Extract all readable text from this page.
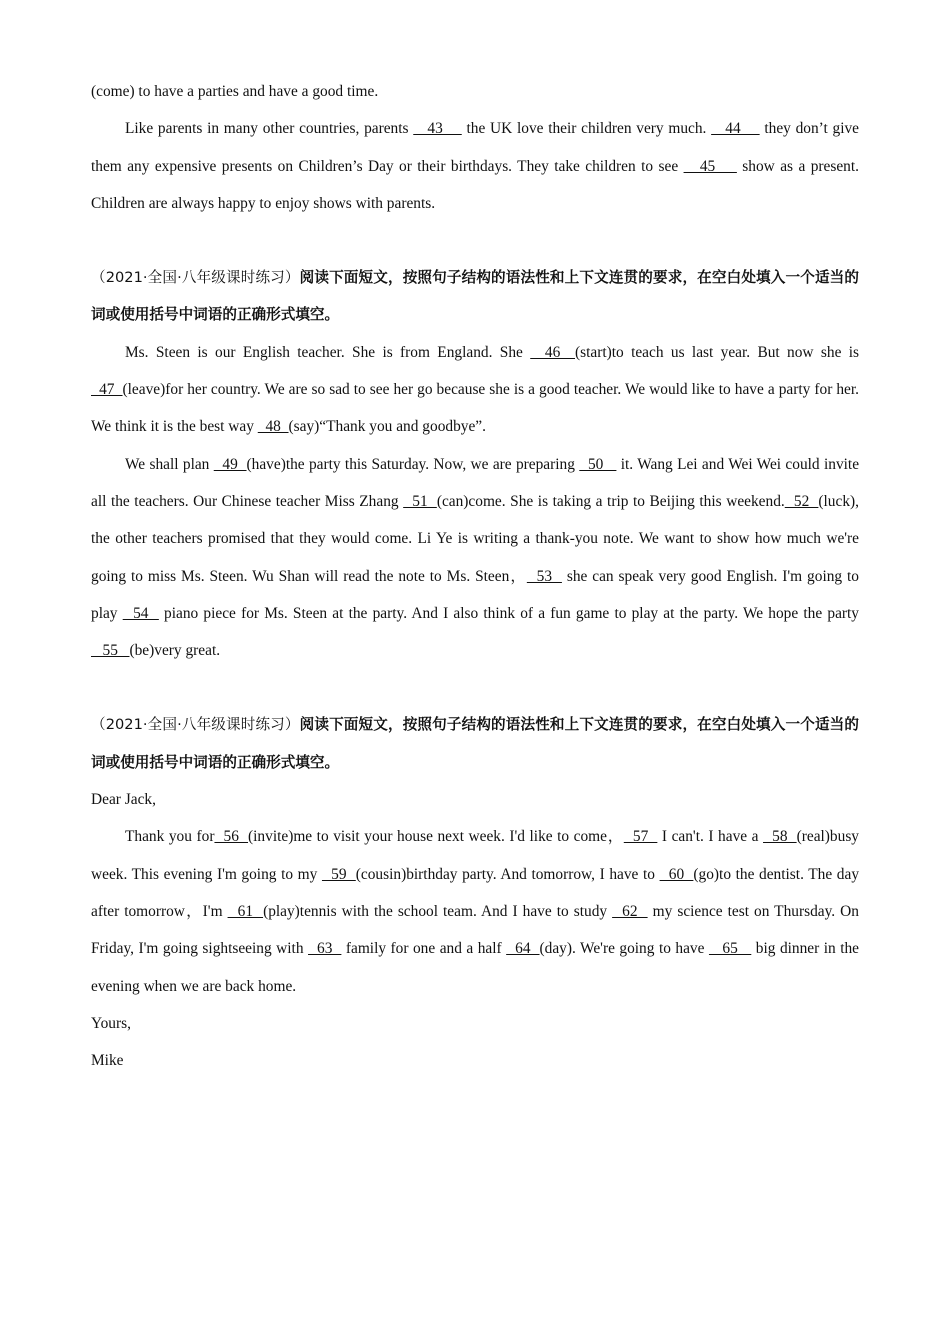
(come) to have a parties and have a good time.

Like parents in many other countries, parents    43     the UK love their children very much.    44     they don’t give them any expensive presents on Children’s Day or their birthdays. They take children to see    45     show as a present. Children are always happy to enjoy shows with parents.

（2021·全国·八年级课时练习）阅读下面短文，按照句子结构的语法性和上下文连贯的要求，在空白处填入一个适当的词或使用括号中词语的正确形式填空。

Ms. Steen is our English teacher. She is from England. She   46  (start)to teach us last year. But now she is   47  (leave)for her country. We are so sad to see her go because she is a good teacher. We would like to have a party for her. We think it is the best way   48  (say)“Thank you and goodbye”.

We shall plan   49  (have)the party this Saturday. Now, we are preparing   50    it. Wang Lei and Wei Wei could invite all the teachers. Our Chinese teacher Miss Zhang   51  (can)come. She is taking a trip to Beijing this weekend.  52  (luck), the other teachers promised that they would come. Li Ye is writing a thank-you note. We want to show how much we're going to miss Ms. Steen. Wu Shan will read the note to Ms. Steen，  53   she can speak very good English. I'm going to play   54   piano piece for Ms. Steen at the party. And I also think of a fun game to play at the party. We hope the party    55   (be)very great.

（2021·全国·八年级课时练习）阅读下面短文，按照句子结构的语法性和上下文连贯的要求，在空白处填入一个适当的词或使用括号中词语的正确形式填空。

Dear Jack,

Thank you for  56  (invite)me to visit your house next week. I'd like to come，  57   I can't. I have a   58  (real)busy week. This evening I'm going to my   59  (cousin)birthday party. And tomorrow, I have to   60  (go)to the dentist. The day after tomorrow，I'm   61  (play)tennis with the school team. And I have to study   62   my science test on Thursday. On Friday, I'm going sightseeing with   63   family for one and a half   64  (day). We're going to have    65    big dinner in the evening when we are back home.

Yours,

Mike
